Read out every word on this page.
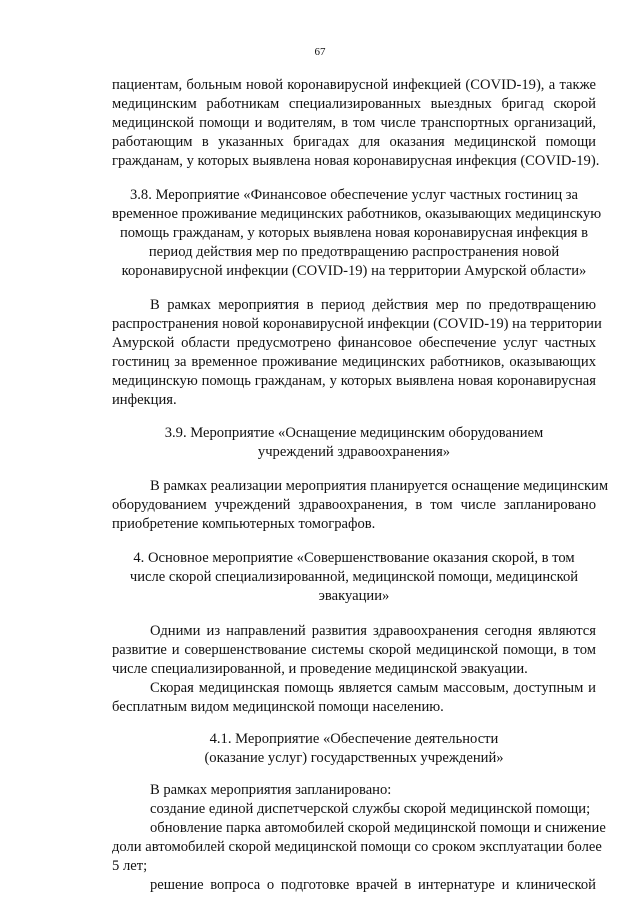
67
пациентам, больным новой коронавирусной инфекцией (COVID-19), а также
медицинским работникам специализированных выездных бригад скорой
медицинской помощи и водителям, в том числе транспортных организаций,
работающим в указанных бригадах для оказания медицинской помощи
гражданам, у которых выявлена новая коронавирусная инфекция (COVID-19).
3.8. Мероприятие «Финансовое обеспечение услуг частных гостиниц за
временное проживание медицинских работников, оказывающих медицинскую
помощь гражданам, у которых выявлена новая коронавирусная инфекция в
период действия мер по предотвращению распространения новой
коронавирусной инфекции (COVID-19) на территории Амурской области»
В рамках мероприятия в период действия мер по предотвращению
распространения новой коронавирусной инфекции (COVID-19) на территории
Амурской области предусмотрено финансовое обеспечение услуг частных
гостиниц за временное проживание медицинских работников, оказывающих
медицинскую помощь гражданам, у которых выявлена новая коронавирусная
инфекция.
3.9. Мероприятие «Оснащение медицинским оборудованием
учреждений здравоохранения»
В рамках реализации мероприятия планируется оснащение медицинским
оборудованием учреждений здравоохранения, в том числе запланировано
приобретение компьютерных томографов.
4. Основное мероприятие «Совершенствование оказания скорой, в том
числе скорой специализированной, медицинской помощи, медицинской
эвакуации»
Одними из направлений развития здравоохранения сегодня являются
развитие и совершенствование системы скорой медицинской помощи, в том
числе специализированной, и проведение медицинской эвакуации.
Скорая медицинская помощь является самым массовым, доступным и
бесплатным видом медицинской помощи населению.
4.1. Мероприятие «Обеспечение деятельности
(оказание услуг) государственных учреждений»
В рамках мероприятия запланировано:
создание единой диспетчерской службы скорой медицинской помощи;
обновление парка автомобилей скорой медицинской помощи и снижение
доли автомобилей скорой медицинской помощи со сроком эксплуатации более
5 лет;
решение вопроса о подготовке врачей в интернатуре и клинической
